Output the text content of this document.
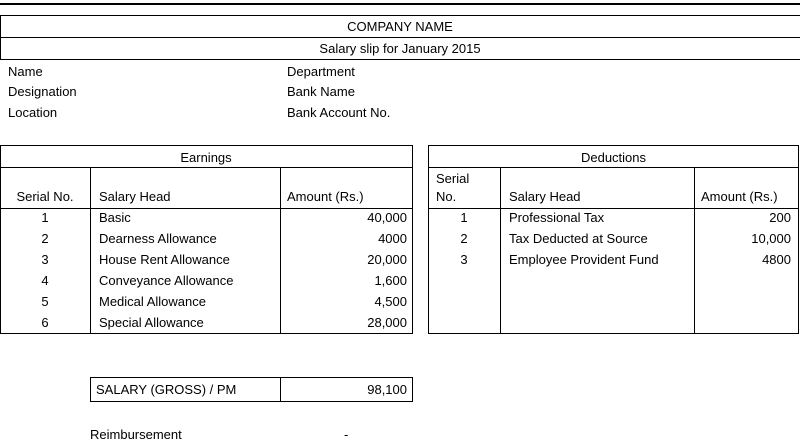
COMPANY NAME
Salary slip for January 2015
Name
Designation
Location
Department
Bank Name
Bank Account No.
Earnings
Serial No.	Salary Head	Amount (Rs.)
1	Basic	40,000
2	Dearness Allowance	4000
3	House Rent Allowance	20,000
4	Conveyance Allowance	1,600
5	Medical Allowance	4,500
6	Special Allowance	28,000
Deductions
Serial
No.	Salary Head	Amount (Rs.)
1	Professional Tax	200
2	Tax Deducted at Source	10,000
3	Employee Provident Fund	4800
SALARY (GROSS) / PM	98,100
Reimbursement	-
